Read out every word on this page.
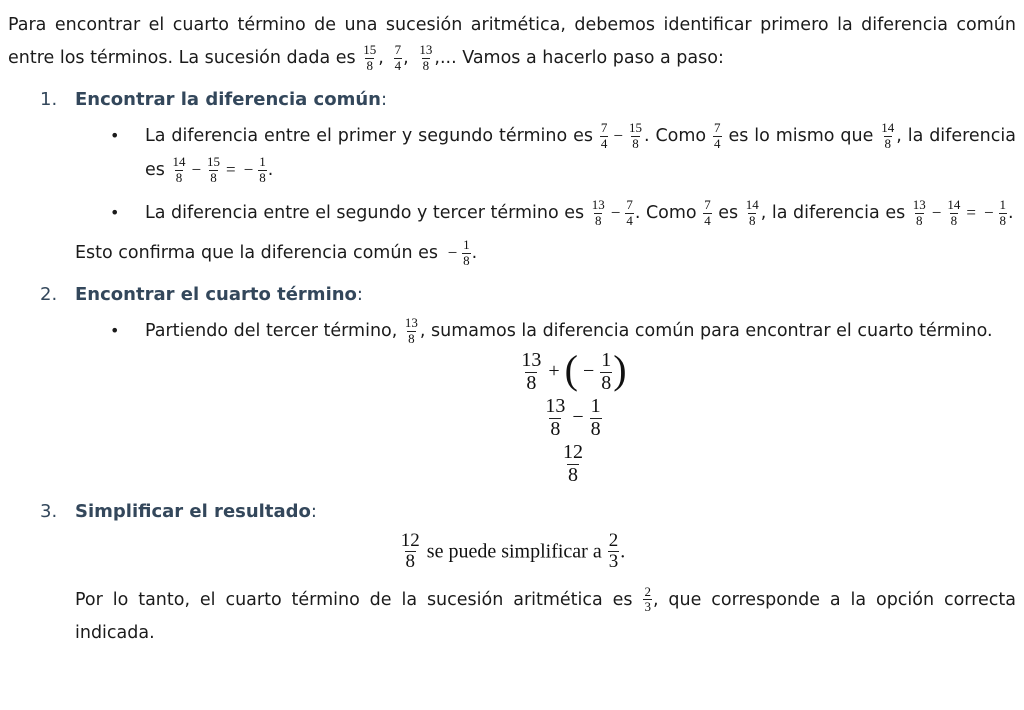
Para encontrar el cuarto término de una sucesión aritmética, debemos identificar primero la diferencia común entre los términos. La sucesión dada es $\frac{15}{8}$ ,  $\frac{7}{4}$ ,  $\frac{13}{8}$ ,... Vamos a hacerlo paso a paso:

1. Encontrar la diferencia común :
•	La diferencia entre el primer y segundo término es $\frac{7}{4} - \frac{15}{8}$ . Como $\frac{7}{4}$ es lo mismo que $\frac{14}{8}$ , la diferencia es $\frac{14}{8} - \frac{15}{8}$ = − $\frac{1}{8}$ .
•	La diferencia entre el segundo y tercer término es $\frac{13}{8} - \frac{7}{4}$ . Como $\frac{7}{4}$ es $\frac{14}{8}$ , la diferencia es $\frac{13}{8} - \frac{14}{8}$ = − $\frac{1}{8}$ .

Esto confirma que la diferencia común es − $\frac{1}{8}$ .

2. Encontrar el cuarto término :
•	Partiendo del tercer término, $\frac{13}{8}$ , sumamos la diferencia común para encontrar el cuarto término.
$\frac{13}{8}$ + ( − $\frac{1}{8}$ )
$\frac{13}{8} - \frac{1}{8}$
$\frac{12}{8}$
3. Simplificar el resultado :
$\frac{12}{8}$ se puede simplificar a $\frac{2}{3}$ .

Por lo tanto, el cuarto término de la sucesión aritmética es $\frac{2}{3}$ , que corresponde a la opción correcta indicada.
